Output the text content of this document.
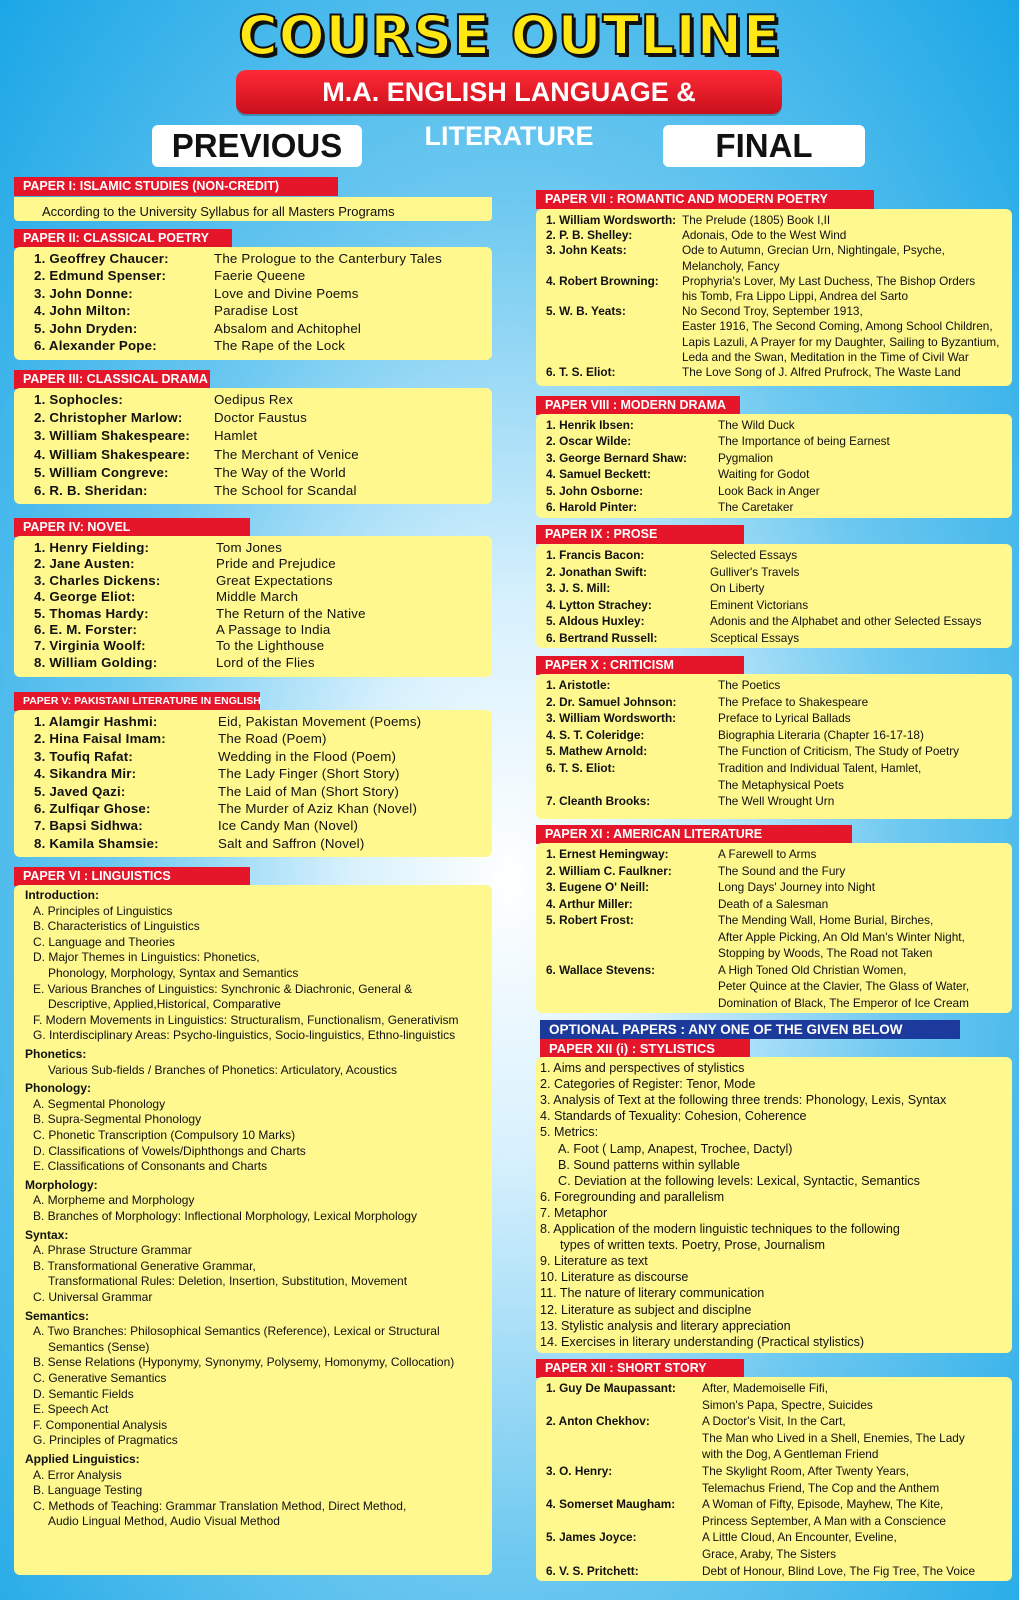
COURSE OUTLINE
M.A. ENGLISH LANGUAGE & LITERATURE
PREVIOUS	FINAL
PAPER I: ISLAMIC STUDIES (NON-CREDIT)
According to the University Syllabus for all Masters Programs
PAPER II: CLASSICAL POETRY
1. Geoffrey Chaucer:	The Prologue to the Canterbury Tales
2. Edmund Spenser:	Faerie Queene
3. John Donne:	Love and Divine Poems
4. John Milton:	Paradise Lost
5. John Dryden:	Absalom and Achitophel
6. Alexander Pope:	The Rape of the Lock
PAPER III: CLASSICAL DRAMA
1. Sophocles:	Oedipus Rex
2. Christopher Marlow: Doctor Faustus
3. William Shakespeare: Hamlet
4. William Shakespeare: The Merchant of Venice
5. William Congreve:	The Way of the World
6. R. B. Sheridan:	The School for Scandal
PAPER IV: NOVEL
1. Henry Fielding:	Tom Jones
2. Jane Austen:	Pride and Prejudice
3. Charles Dickens:	Great Expectations
4. George Eliot:	Middle March
5. Thomas Hardy:	The Return of the Native
6. E. M. Forster:	A Passage to India
7. Virginia Woolf:	To the Lighthouse
8. William Golding:	Lord of the Flies
PAPER V: PAKISTANI LITERATURE IN ENGLISH
1. Alamgir Hashmi:	Eid, Pakistan Movement (Poems)
2. Hina Faisal Imam:	The Road (Poem)
3. Toufiq Rafat:	Wedding in the Flood (Poem)
4. Sikandra Mir:	The Lady Finger (Short Story)
5. Javed Qazi:	The Laid of Man (Short Story)
6. Zulfiqar Ghose:	The Murder of Aziz Khan (Novel)
7. Bapsi Sidhwa:	Ice Candy Man (Novel)
8. Kamila Shamsie:	Salt and Saffron (Novel)
PAPER VI : LINGUISTICS
Introduction:
A. Principles of Linguistics
B. Characteristics of Linguistics
C. Language and Theories
D. Major Themes in Linguistics: Phonetics,
Phonology, Morphology, Syntax and Semantics
E. Various Branches of Linguistics: Synchronic & Diachronic, General &
Descriptive, Applied,Historical, Comparative
F. Modern Movements in Linguistics: Structuralism, Functionalism, Generativism
G. Interdisciplinary Areas: Psycho-linguistics, Socio-linguistics, Ethno-linguistics
Phonetics:
Various Sub-fields / Branches of Phonetics: Articulatory, Acoustics
Phonology:
A. Segmental Phonology
B. Supra-Segmental Phonology
C. Phonetic Transcription (Compulsory 10 Marks)
D. Classifications of Vowels/Diphthongs and Charts
E. Classifications of Consonants and Charts
Morphology:
A. Morpheme and Morphology
B. Branches of Morphology: Inflectional Morphology, Lexical Morphology
Syntax:
A. Phrase Structure Grammar
B. Transformational Generative Grammar,
Transformational Rules: Deletion, Insertion, Substitution, Movement
C. Universal Grammar
Semantics:
A. Two Branches: Philosophical Semantics (Reference), Lexical or Structural
Semantics (Sense)
B. Sense Relations (Hyponymy, Synonymy, Polysemy, Homonymy, Collocation)
C. Generative Semantics
D. Semantic Fields
E. Speech Act
F. Componential Analysis
G. Principles of Pragmatics
Applied Linguistics:
A. Error Analysis
B. Language Testing
C. Methods of Teaching: Grammar Translation Method, Direct Method,
Audio Lingual Method, Audio Visual Method
PAPER VII : ROMANTIC AND MODERN POETRY
1. William Wordsworth: The Prelude (1805) Book I,II
2. P. B. Shelley:	Adonais, Ode to the West Wind
3. John Keats:	Ode to Autumn, Grecian Urn, Nightingale, Psyche,
Melancholy, Fancy
4. Robert Browning: Prophyria's Lover, My Last Duchess, The Bishop Orders
his Tomb, Fra Lippo Lippi, Andrea del Sarto
5. W. B. Yeats:	No Second Troy, September 1913,
Easter 1916, The Second Coming, Among School Children,
Lapis Lazuli, A Prayer for my Daughter, Sailing to Byzantium,
Leda and the Swan, Meditation in the Time of Civil War
6. T. S. Eliot:	The Love Song of J. Alfred Prufrock, The Waste Land
PAPER VIII : MODERN DRAMA
1. Henrik Ibsen:	The Wild Duck
2. Oscar Wilde:	The Importance of being Earnest
3. George Bernard Shaw:	Pygmalion
4. Samuel Beckett:	Waiting for Godot
5. John Osborne:	Look Back in Anger
6. Harold Pinter:	The Caretaker
PAPER IX : PROSE
1. Francis Bacon:	Selected Essays
2. Jonathan Swift:	Gulliver's Travels
3. J. S. Mill:	On Liberty
4. Lytton Strachey:	Eminent Victorians
5. Aldous Huxley:	Adonis and the Alphabet and other Selected Essays
6. Bertrand Russell:	Sceptical Essays
PAPER X : CRITICISM
1. Aristotle:	The Poetics
2. Dr. Samuel Johnson:	The Preface to Shakespeare
3. William Wordsworth:	Preface to Lyrical Ballads
4. S. T. Coleridge:	Biographia Literaria (Chapter 16-17-18)
5. Mathew Arnold:	The Function of Criticism, The Study of Poetry
6. T. S. Eliot:	Tradition and Individual Talent, Hamlet,
The Metaphysical Poets
7. Cleanth Brooks:	The Well Wrought Urn
PAPER XI : AMERICAN LITERATURE
1. Ernest Hemingway:	A Farewell to Arms
2. William C. Faulkner:	The Sound and the Fury
3. Eugene O' Neill:	Long Days' Journey into Night
4. Arthur Miller:	Death of a Salesman
5. Robert Frost:	The Mending Wall, Home Burial, Birches,
After Apple Picking, An Old Man's Winter Night,
Stopping by Woods, The Road not Taken
6. Wallace Stevens:	A High Toned Old Christian Women,
Peter Quince at the Clavier, The Glass of Water,
Domination of Black, The Emperor of Ice Cream
OPTIONAL PAPERS : ANY ONE OF THE GIVEN BELOW
PAPER XII (i) : STYLISTICS
1. Aims and perspectives of stylistics
2. Categories of Register: Tenor, Mode
3. Analysis of Text at the following three trends: Phonology, Lexis, Syntax
4. Standards of Texuality: Cohesion, Coherence
5. Metrics:
A. Foot ( Lamp, Anapest, Trochee, Dactyl)
B. Sound patterns within syllable
C. Deviation at the following levels: Lexical, Syntactic, Semantics
6. Foregrounding and parallelism
7. Metaphor
8. Application of the modern linguistic techniques to the following
types of written texts. Poetry, Prose, Journalism
9. Literature as text
10. Literature as discourse
11. The nature of literary communication
12. Literature as subject and disciplne
13. Stylistic analysis and literary appreciation
14. Exercises in literary understanding (Practical stylistics)
PAPER XII : SHORT STORY
1. Guy De Maupassant: After, Mademoiselle Fifi,
Simon's Papa, Spectre, Suicides
2. Anton Chekhov:	A Doctor's Visit, In the Cart,
The Man who Lived in a Shell, Enemies, The Lady
with the Dog, A Gentleman Friend
3. O. Henry:	The Skylight Room, After Twenty Years,
Telemachus Friend, The Cop and the Anthem
4. Somerset Maugham: A Woman of Fifty, Episode, Mayhew, The Kite,
Princess September, A Man with a Conscience
5. James Joyce:	A Little Cloud, An Encounter, Eveline,
Grace, Araby, The Sisters
6. V. S. Pritchett:	Debt of Honour, Blind Love, The Fig Tree, The Voice
